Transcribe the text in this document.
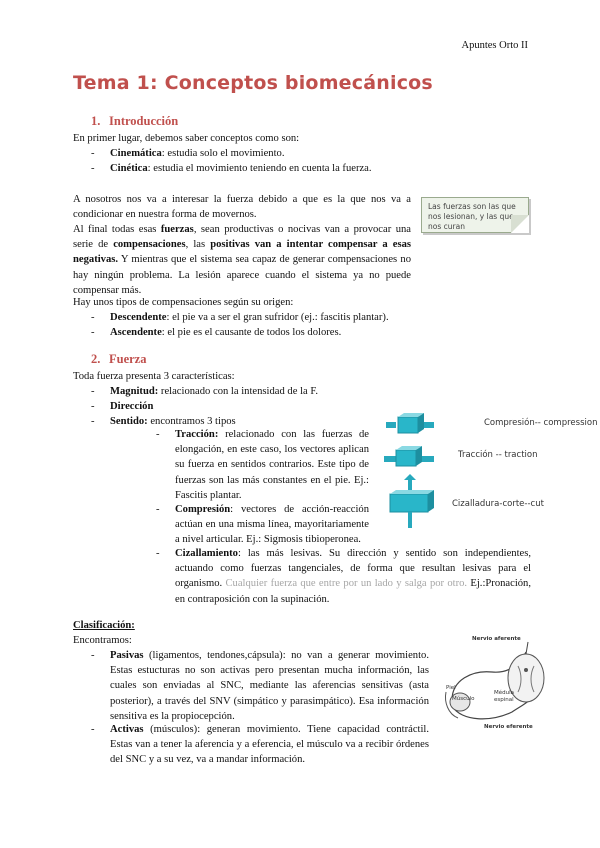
Apuntes Orto II
Tema 1: Conceptos biomecánicos
1. Introducción

En primer lugar, debemos saber conceptos como son:

- Cinemática: estudia solo el movimiento.
- Cinética: estudia el movimiento teniendo en cuenta la fuerza.

A nosotros nos va a interesar la fuerza debido a que es la que nos va a condicionar en nuestra forma de movernos.

Al final todas esas fuerzas, sean productivas o nocivas van a provocar una serie de compensaciones, las positivas van a intentar compensar a esas negativas. Y mientras que el sistema sea capaz de generar compensaciones no hay ningún problema. La lesión aparece cuando el sistema ya no puede compensar más.

Las fuerzas son las que nos lesionan, y las que nos curan

Hay unos tipos de compensaciones según su origen:

- Descendente: el pie va a ser el gran sufridor (ej.: fascitis plantar).
- Ascendente: el pie es el causante de todos los dolores.
2. Fuerza

Toda fuerza presenta 3 características:

- Magnitud: relacionado con la intensidad de la F.
- Dirección
- Sentido: encontramos 3 tipos
- Tracción: relacionado con las fuerzas de elongación, en este caso, los vectores aplican su fuerza en sentidos contrarios. Este tipo de fuerzas son las más constantes en el pie. Ej.: Fascitis plantar.

- Compresión: vectores de acción-reacción actúan en una misma línea, mayoritariamente a nivel articular. Ej.: Sigmosis tibioperonea.

- Cizallamiento: las más lesivas. Su dirección y sentido son independientes, actuando como fuerzas tangenciales, de forma que resultan lesivas para el organismo. Cualquier fuerza que entre por un lado y salga por otro. Ej.:Pronación, en contraposición con la supinación.

Compresión-- compression
Tracción -- traction
Cizalladura-corte--cut
Clasificación:

Encontramos:

- Pasivas (ligamentos, tendones,cápsula): no van a generar movimiento. Estas estucturas no son activas pero presentan mucha información, las cuales son enviadas al SNC, mediante las aferencias sensitivas (asta posterior), a través del SNV (simpático y parasimpático). Esa información sensitiva es la propiocepción.

- Activas (músculos): generan movimiento. Tiene capacidad contráctil. Estas van a tener la aferencia y a eferencia, el músculo va a recibir órdenes del SNC y a su vez, va a mandar información.

Nervio aferente
Piel
Músculo
Médula espinal
Nervio eferente
